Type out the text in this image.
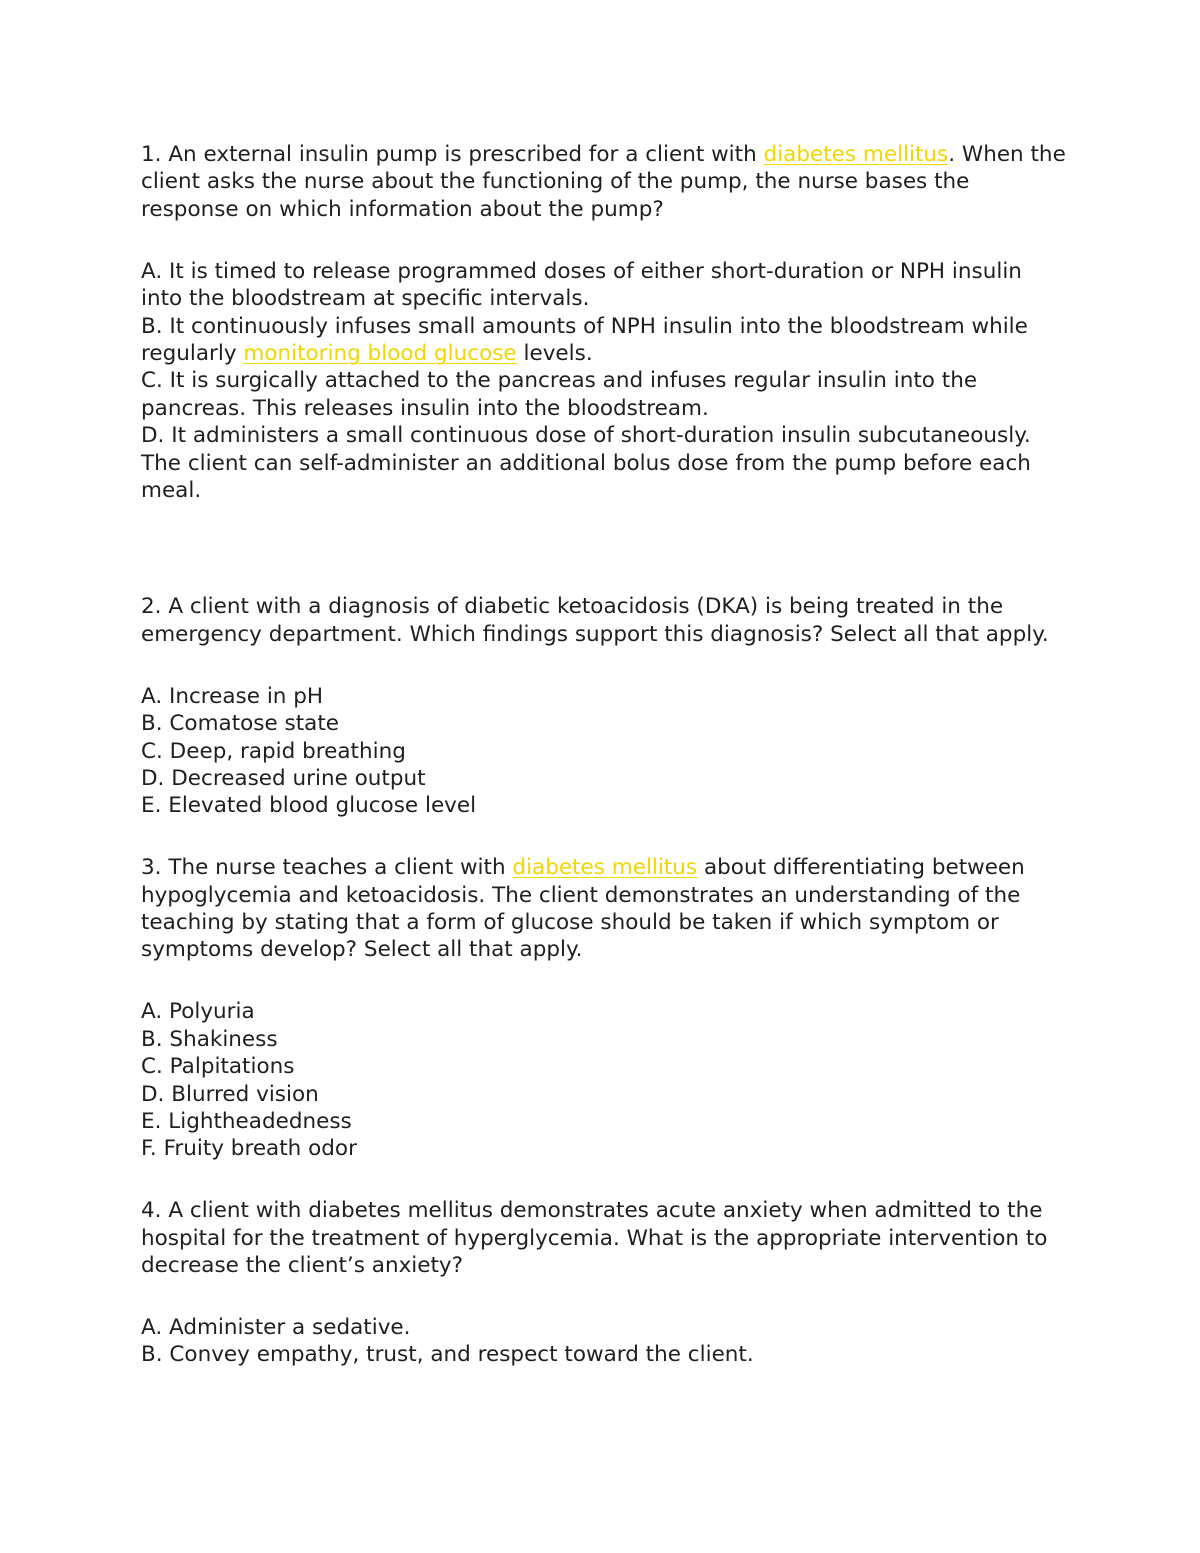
1. An external insulin pump is prescribed for a client with diabetes mellitus. When the client asks the nurse about the functioning of the pump, the nurse bases the response on which information about the pump?

A. It is timed to release programmed doses of either short-duration or NPH insulin into the bloodstream at specific intervals.

B. It continuously infuses small amounts of NPH insulin into the bloodstream while regularly monitoring blood glucose levels.

C. It is surgically attached to the pancreas and infuses regular insulin into the pancreas. This releases insulin into the bloodstream.

D. It administers a small continuous dose of short-duration insulin subcutaneously. The client can self-administer an additional bolus dose from the pump before each meal.

2. A client with a diagnosis of diabetic ketoacidosis (DKA) is being treated in the emergency department. Which findings support this diagnosis? Select all that apply.

A. Increase in pH

B. Comatose state

C. Deep, rapid breathing

D. Decreased urine output

E. Elevated blood glucose level

3. The nurse teaches a client with diabetes mellitus about differentiating between hypoglycemia and ketoacidosis. The client demonstrates an understanding of the teaching by stating that a form of glucose should be taken if which symptom or symptoms develop? Select all that apply.

A. Polyuria

B. Shakiness

C. Palpitations

D. Blurred vision

E. Lightheadedness

F. Fruity breath odor

4. A client with diabetes mellitus demonstrates acute anxiety when admitted to the hospital for the treatment of hyperglycemia. What is the appropriate intervention to decrease the client’s anxiety?

A. Administer a sedative.

B. Convey empathy, trust, and respect toward the client.
